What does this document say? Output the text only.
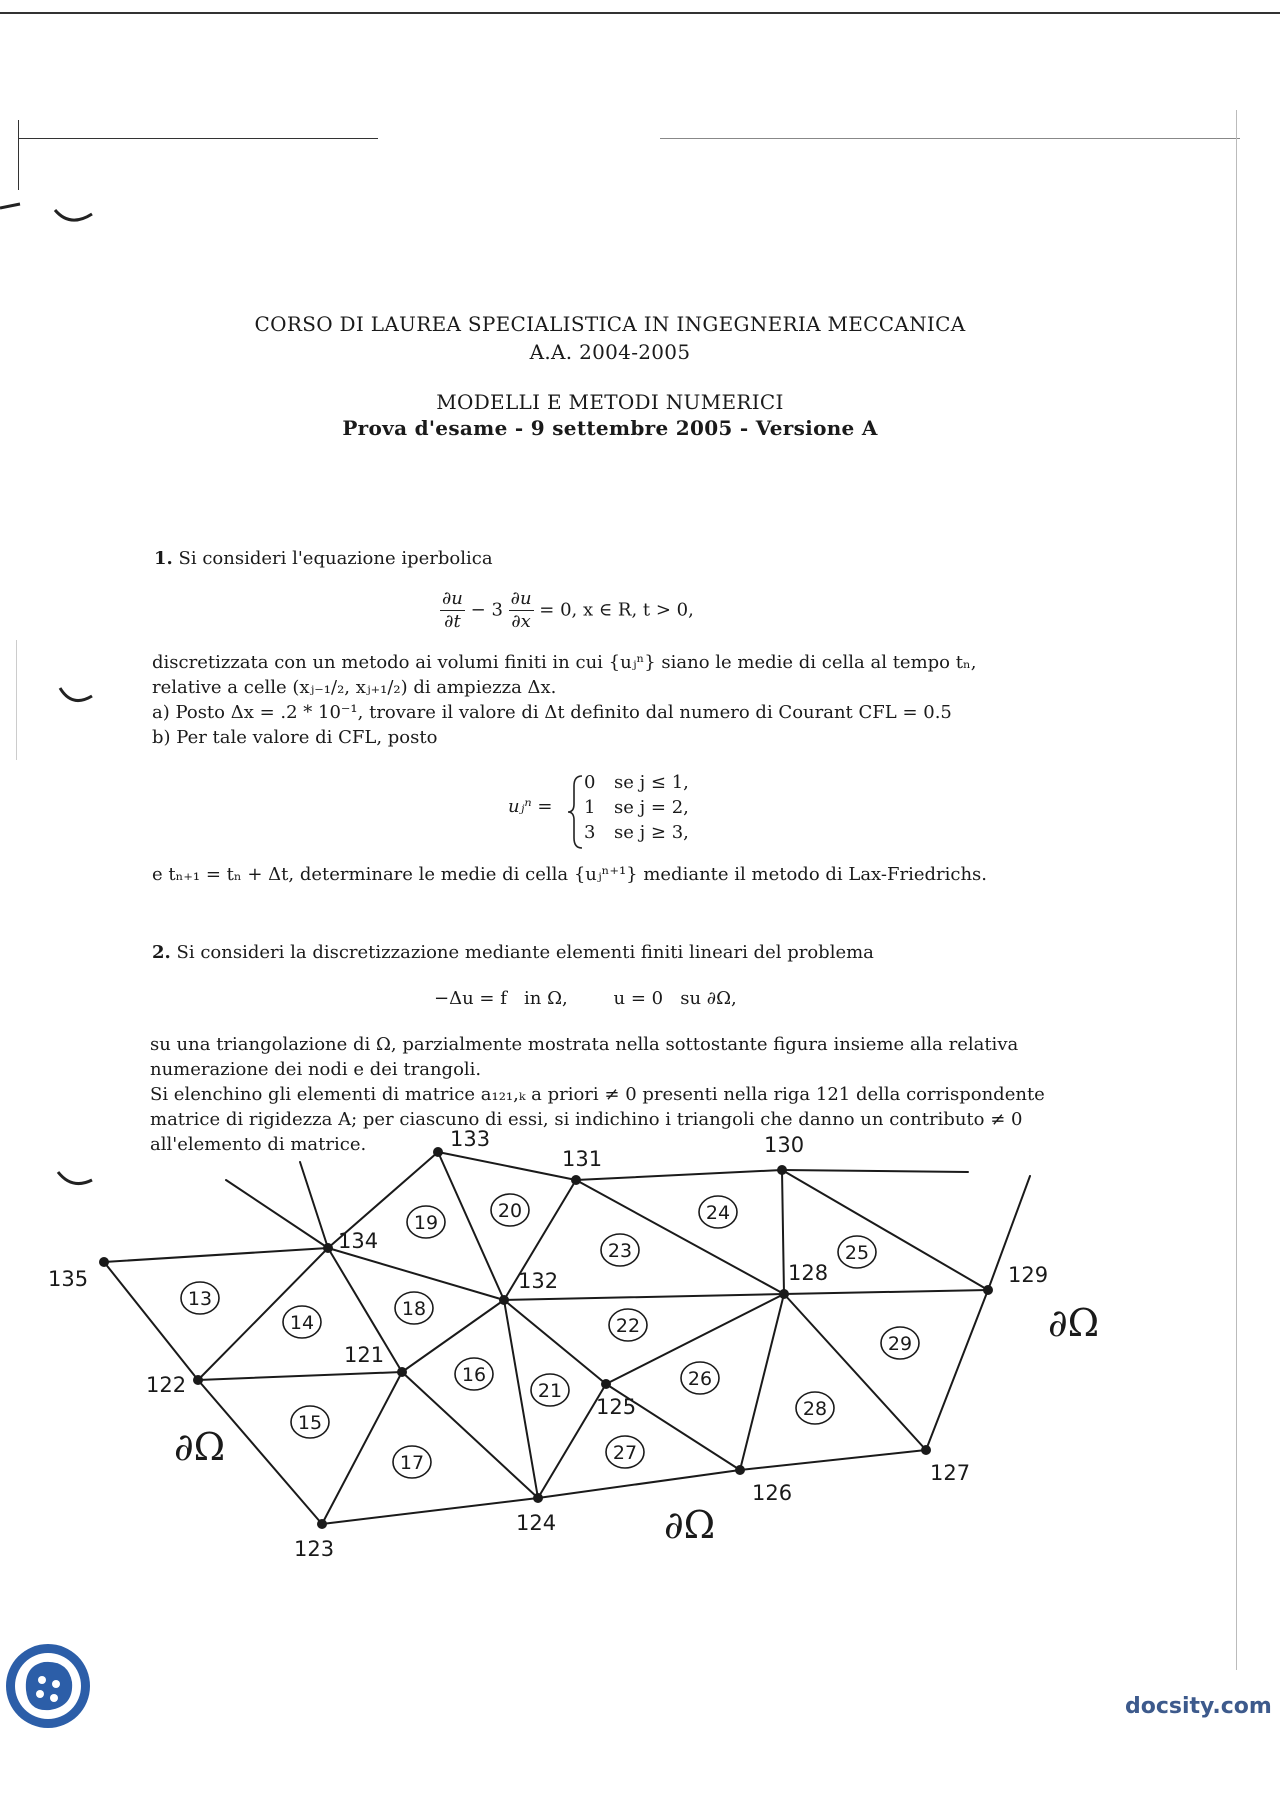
CORSO DI LAUREA SPECIALISTICA IN INGEGNERIA MECCANICA
A.A. 2004-2005
MODELLI E METODI NUMERICI
Prova d'esame - 9 settembre 2005 - Versione A
1. Si consideri l'equazione iperbolica
$\frac{\partial u}{\partial t} - 3 \frac{\partial u}{\partial x} = 0$, x ∈ R, t > 0,
discretizzata con un metodo ai volumi finiti in cui {uⱼⁿ} siano le medie di cella al tempo tₙ,
relative a celle (xⱼ₋₁/₂, xⱼ₊₁/₂) di ampiezza Δx.
a) Posto Δx = .2 * 10⁻¹, trovare il valore di Δt definito dal numero di Courant CFL = 0.5
b) Per tale valore di CFL, posto
uⱼⁿ =
0 se j ≤ 1,
1 se j = 2,
3 se j ≥ 3,
e tₙ₊₁ = tₙ + Δt, determinare le medie di cella {uⱼⁿ⁺¹} mediante il metodo di Lax-Friedrichs.
2. Si consideri la discretizzazione mediante elementi finiti lineari del problema
−Δu = f   in Ω,        u = 0   su ∂Ω,
su una triangolazione di Ω, parzialmente mostrata nella sottostante figura insieme alla relativa
numerazione dei nodi e dei trangoli.
Si elenchino gli elementi di matrice a₁₂₁,ₖ a priori ≠ 0 presenti nella riga 121 della corrispondente
matrice di rigidezza A; per ciascuno di essi, si indichino i triangoli che danno un contributo ≠ 0
all'elemento di matrice.
13
14
15
16
17
18
19
20
21
22
23
24
25
26
27
28
29
121
122
123
124
125
126
127
128	129
130
131
132
133
134
135
∂Ω
∂Ω
∂Ω
docsity.com
